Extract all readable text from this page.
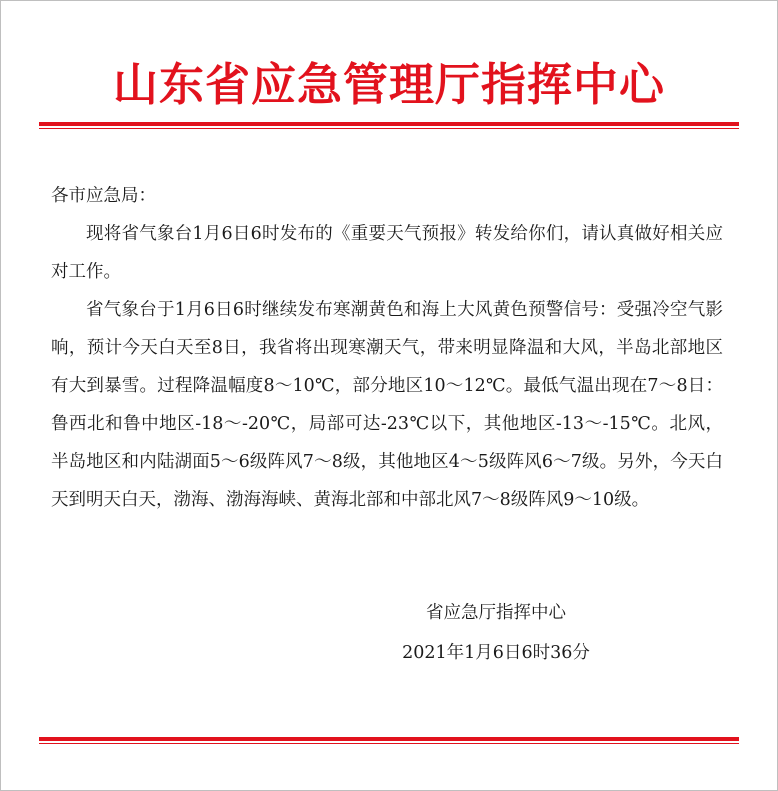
山东省应急管理厅指挥中心

各市应急局：

现将省气象台1月6日6时发布的《重要天气预报》转发给你们，请认真做好相关应对工作。

省气象台于1月6日6时继续发布寒潮黄色和海上大风黄色预警信号：受强冷空气影响，预计今天白天至8日，我省将出现寒潮天气，带来明显降温和大风，半岛北部地区有大到暴雪。过程降温幅度8～10℃，部分地区10～12℃。最低气温出现在7～8日：鲁西北和鲁中地区-18～-20℃，局部可达-23℃以下，其他地区-13～-15℃。北风，半岛地区和内陆湖面5～6级阵风7～8级，其他地区4～5级阵风6～7级。另外，今天白天到明天白天，渤海、渤海海峡、黄海北部和中部北风7～8级阵风9～10级。

省应急厅指挥中心
2021年1月6日6时36分
